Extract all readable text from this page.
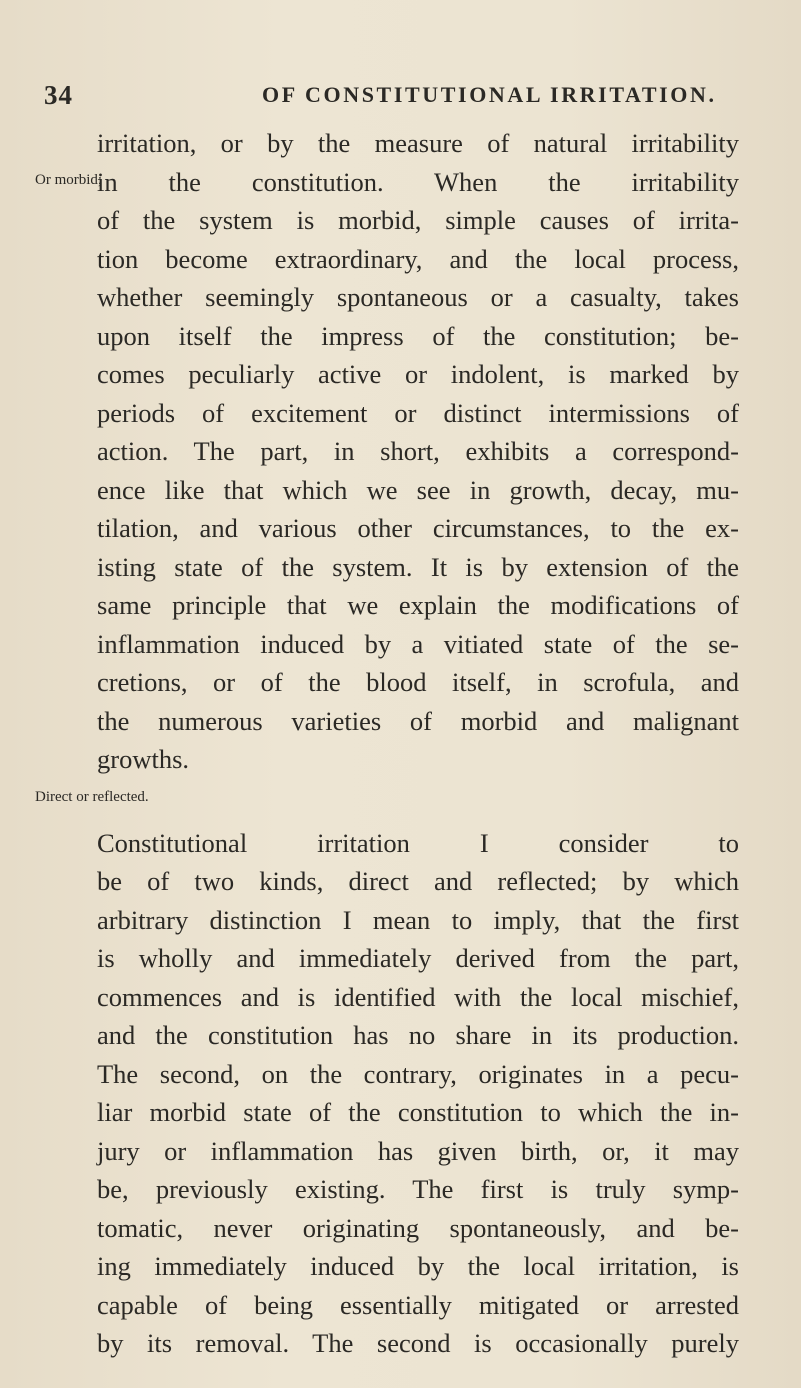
34	OF CONSTITUTIONAL IRRITATION.
Or morbid;
Direct or reflected.

irritation, or by the measure of natural irritability
in the constitution. When the irritability
of the system is morbid, simple causes of irrita-
tion become extraordinary, and the local process,
whether seemingly spontaneous or a casualty, takes
upon itself the impress of the constitution; be-
comes peculiarly active or indolent, is marked by
periods of excitement or distinct intermissions of
action. The part, in short, exhibits a correspond-
ence like that which we see in growth, decay, mu-
tilation, and various other circumstances, to the ex-
isting state of the system. It is by extension of the
same principle that we explain the modifications of
inflammation induced by a vitiated state of the se-
cretions, or of the blood itself, in scrofula, and
the numerous varieties of morbid and malignant
growths.

Constitutional irritation I consider to
be of two kinds, direct and reflected; by which
arbitrary distinction I mean to imply, that the first
is wholly and immediately derived from the part,
commences and is identified with the local mischief,
and the constitution has no share in its production.
The second, on the contrary, originates in a pecu-
liar morbid state of the constitution to which the in-
jury or inflammation has given birth, or, it may
be, previously existing. The first is truly symp-
tomatic, never originating spontaneously, and be-
ing immediately induced by the local irritation, is
capable of being essentially mitigated or arrested
by its removal. The second is occasionally purely
